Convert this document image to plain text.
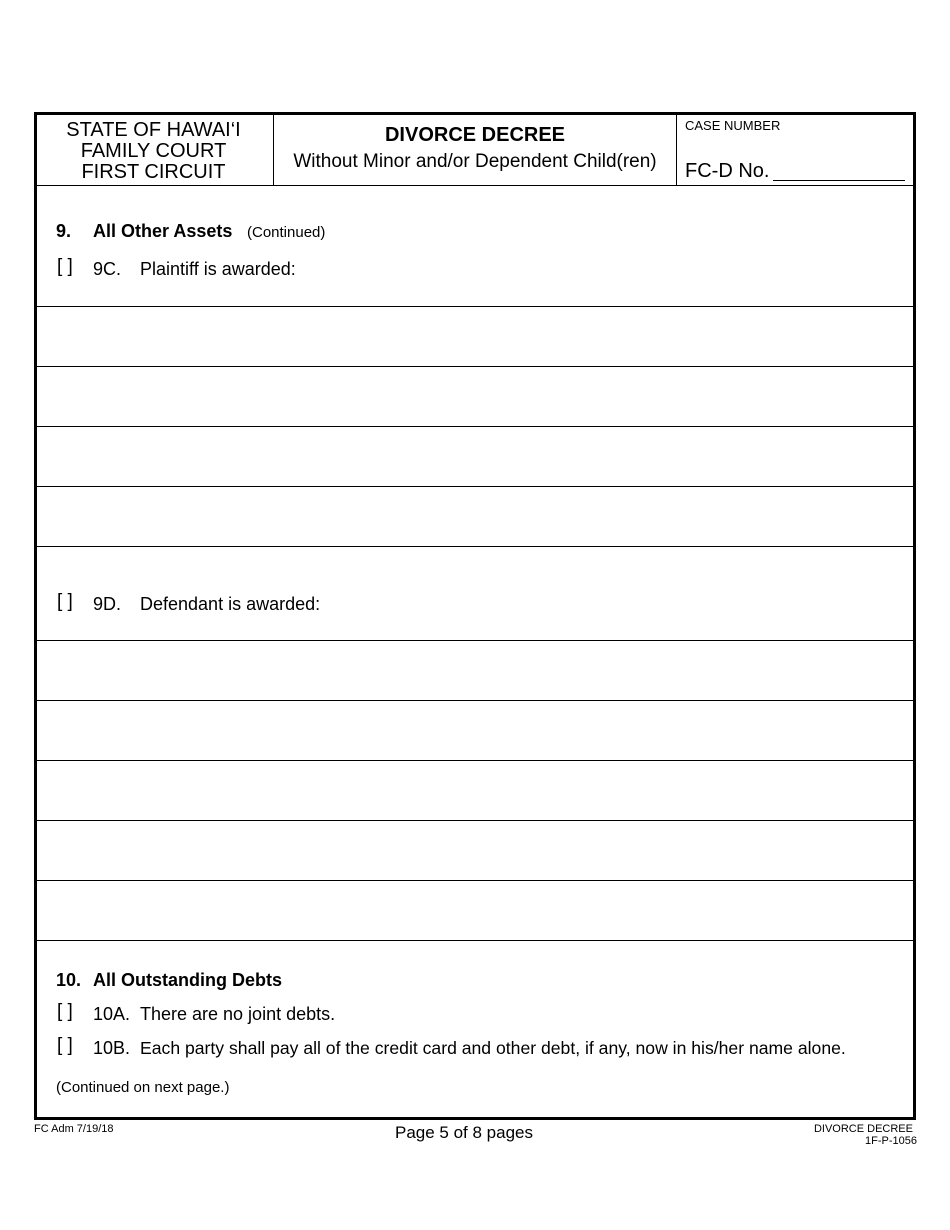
STATE OF HAWAI‘I
FAMILY COURT
FIRST CIRCUIT
DIVORCE DECREE
Without Minor and/or Dependent Child(ren)
CASE NUMBER
FC-D No.
9. All Other Assets (Continued)
[ ] 9C. Plaintiff is awarded:
[ ] 9D. Defendant is awarded:
10. All Outstanding Debts
[ ] 10A. There are no joint debts.
[ ] 10B. Each party shall pay all of the credit card and other debt, if any, now in his/her name alone.
(Continued on next page.)
FC Adm 7/19/18	Page 5 of 8 pages	DIVORCE DECREE
1F-P-1056
